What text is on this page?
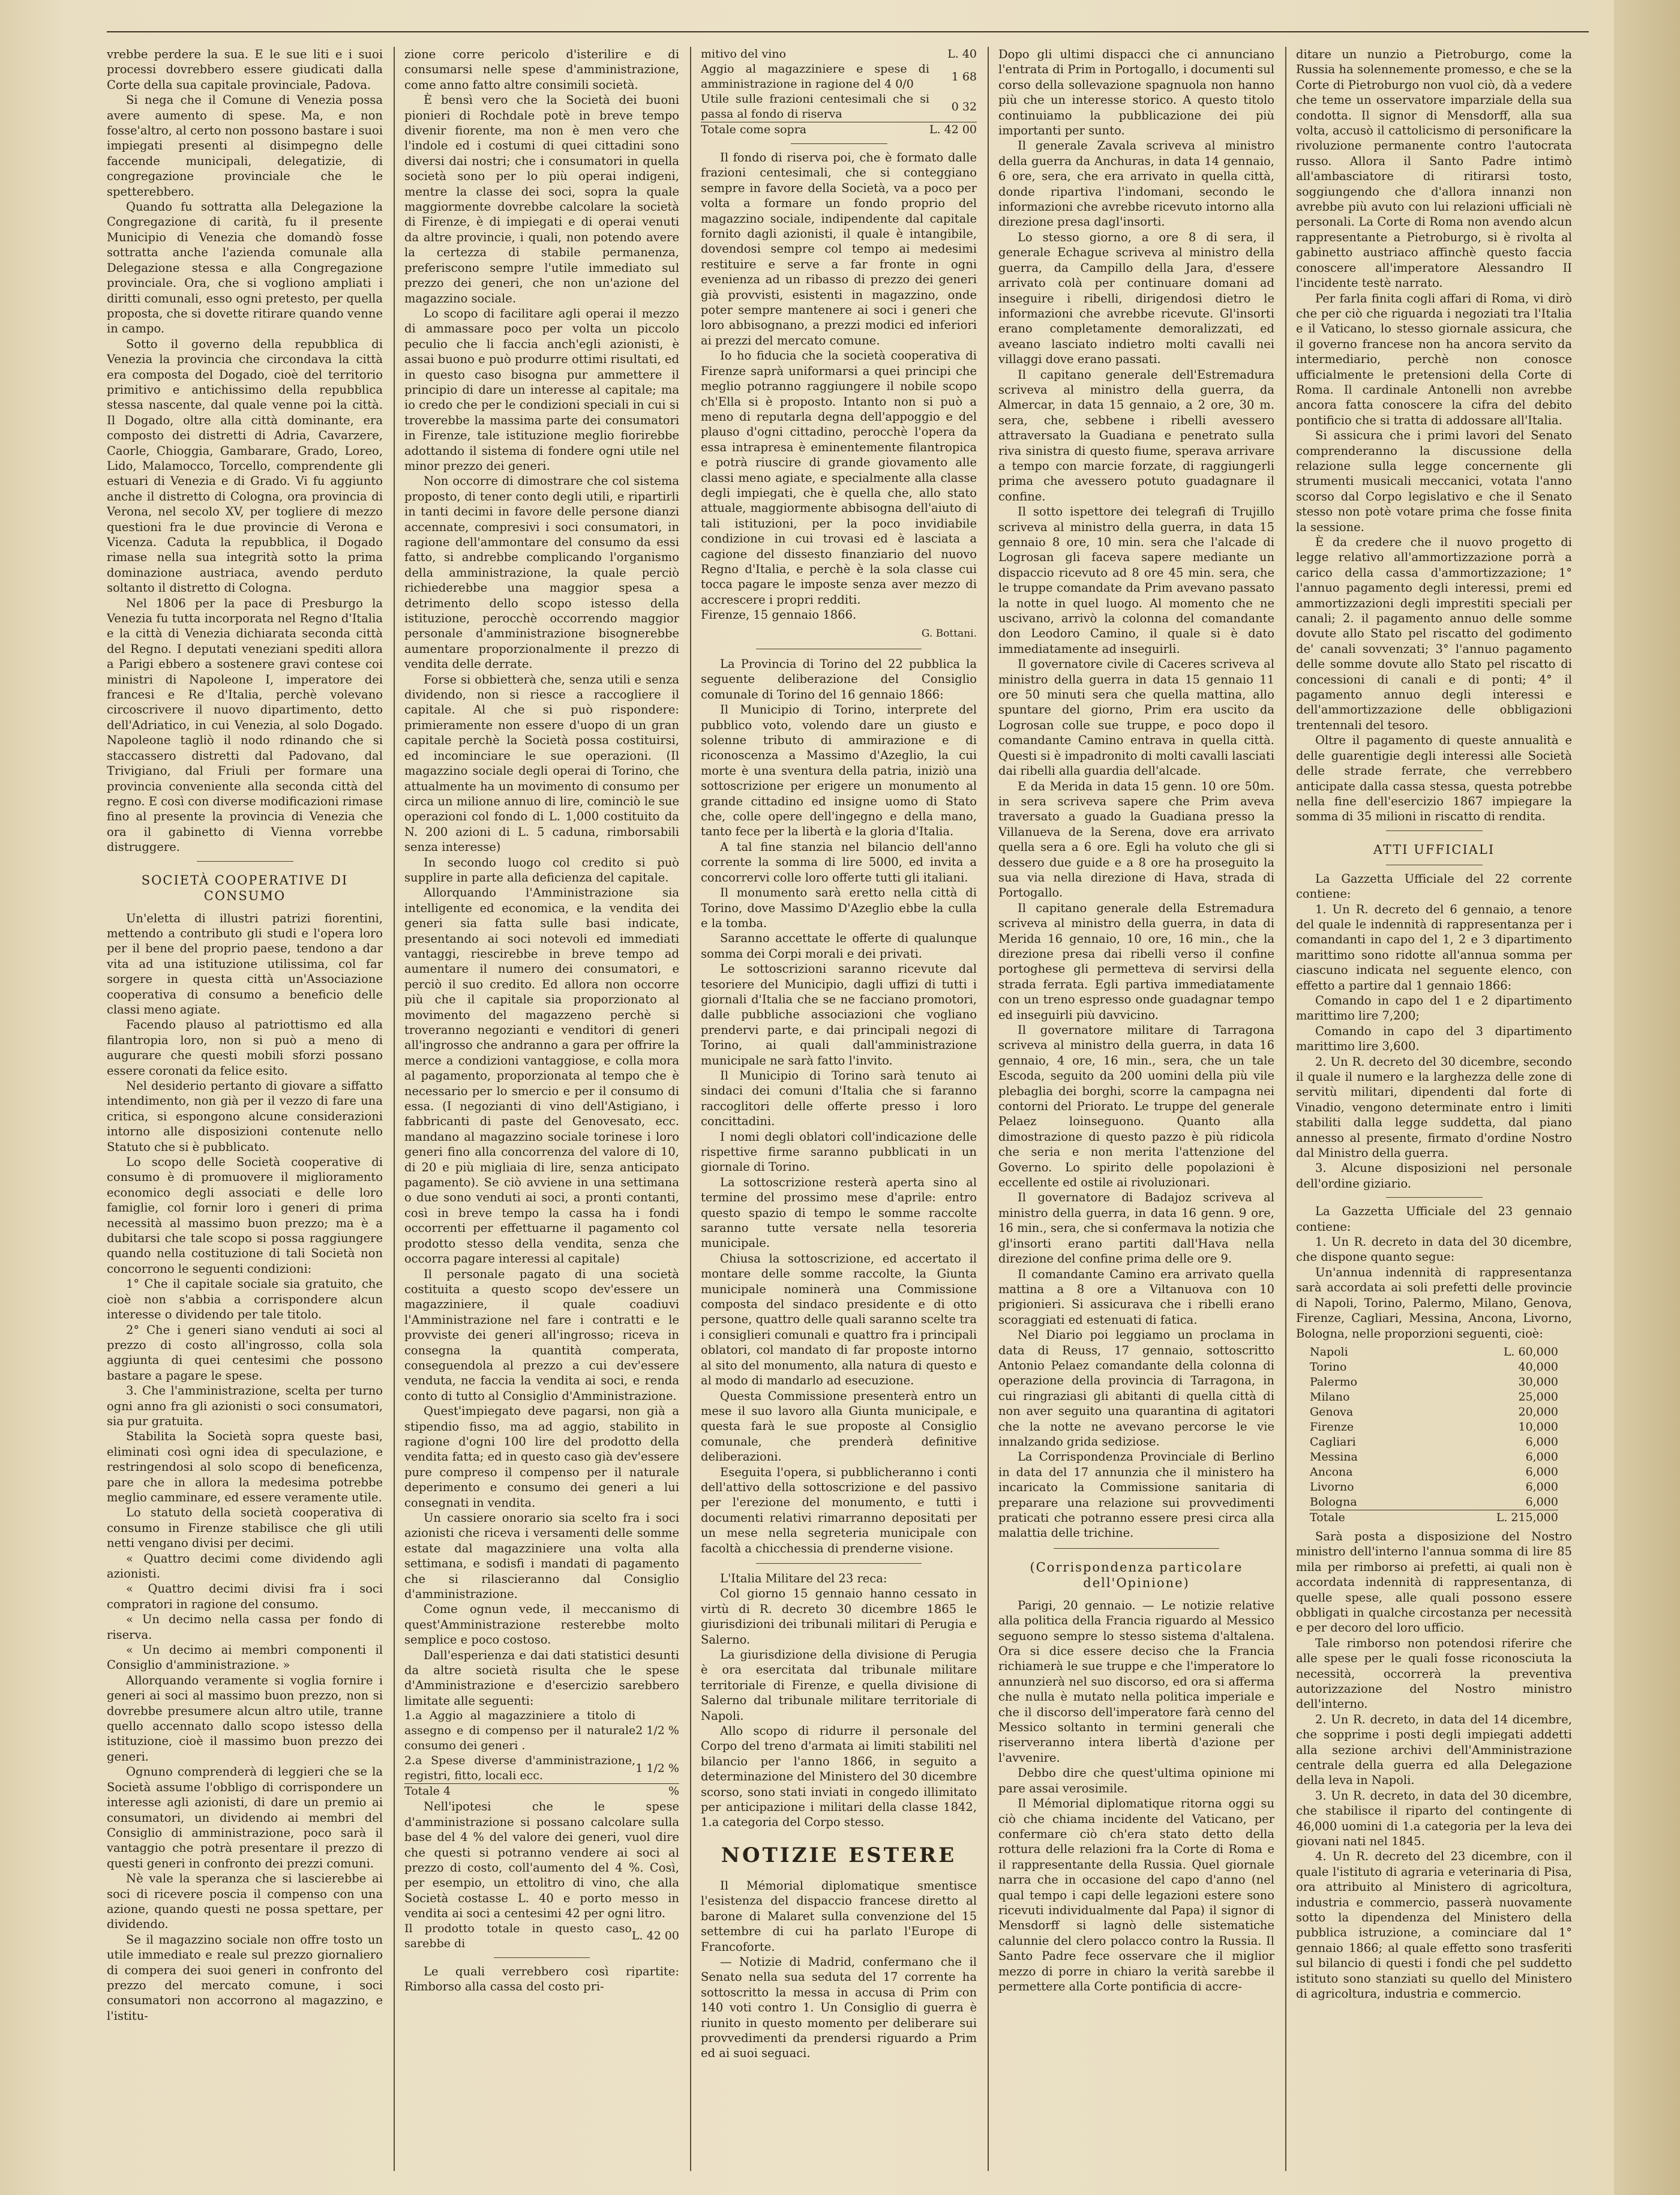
vrebbe perdere la sua. E le sue liti e i suoi processi dovrebbero essere giudicati dalla Corte della sua capitale provinciale, Padova.

Si nega che il Comune di Venezia possa avere aumento di spese. Ma, e non fosse'altro, al certo non possono bastare i suoi impiegati presenti al disimpegno delle faccende municipali, delegatizie, di congregazione provinciale che le spetterebbero.

Quando fu sottratta alla Delegazione la Congregazione di carità, fu il presente Municipio di Venezia che domandò fosse sottratta anche l'azienda comunale alla Delegazione stessa e alla Congregazione provinciale. Ora, che si vogliono ampliati i diritti comunali, esso ogni pretesto, per quella proposta, che si dovette ritirare quando venne in campo.

Sotto il governo della repubblica di Venezia la provincia che circondava la città era composta del Dogado, cioè del territorio primitivo e antichissimo della repubblica stessa nascente, dal quale venne poi la città. Il Dogado, oltre alla città dominante, era composto dei distretti di Adria, Cavarzere, Caorle, Chioggia, Gambarare, Grado, Loreo, Lido, Malamocco, Torcello, comprendente gli estuari di Venezia e di Grado. Vi fu aggiunto anche il distretto di Cologna, ora provincia di Verona, nel secolo XV, per togliere di mezzo questioni fra le due provincie di Verona e Vicenza. Caduta la repubblica, il Dogado rimase nella sua integrità sotto la prima dominazione austriaca, avendo perduto soltanto il distretto di Cologna.

Nel 1806 per la pace di Presburgo la Venezia fu tutta incorporata nel Regno d'Italia e la città di Venezia dichiarata seconda città del Regno. I deputati veneziani spediti allora a Parigi ebbero a sostenere gravi contese coi ministri di Napoleone I, imperatore dei francesi e Re d'Italia, perchè volevano circoscrivere il nuovo dipartimento, detto dell'Adriatico, in cui Venezia, al solo Dogado. Napoleone tagliò il nodo rdinando che si staccassero distretti dal Padovano, dal Trivigiano, dal Friuli per formare una provincia conveniente alla seconda città del regno. E così con diverse modificazioni rimase fino al presente la provincia di Venezia che ora il gabinetto di Vienna vorrebbe distruggere.

SOCIETÀ COOPERATIVE DI CONSUMO

Un'eletta di illustri patrizi fiorentini, mettendo a contributo gli studi e l'opera loro per il bene del proprio paese, tendono a dar vita ad una istituzione utilissima, col far sorgere in questa città un'Associazione cooperativa di consumo a beneficio delle classi meno agiate.

Facendo plauso al patriottismo ed alla filantropia loro, non si può a meno di augurare che questi mobili sforzi possano essere coronati da felice esito.

Nel desiderio pertanto di giovare a siffatto intendimento, non già per il vezzo di fare una critica, si espongono alcune considerazioni intorno alle disposizioni contenute nello Statuto che si è pubblicato.

Lo scopo delle Società cooperative di consumo è di promuovere il miglioramento economico degli associati e delle loro famiglie, col fornir loro i generi di prima necessità al massimo buon prezzo; ma è a dubitarsi che tale scopo si possa raggiungere quando nella costituzione di tali Società non concorrono le seguenti condizioni:

1° Che il capitale sociale sia gratuito, che cioè non s'abbia a corrispondere alcun interesse o dividendo per tale titolo.

2° Che i generi siano venduti ai soci al prezzo di costo all'ingrosso, colla sola aggiunta di quei centesimi che possono bastare a pagare le spese.

3. Che l'amministrazione, scelta per turno ogni anno fra gli azionisti o soci consumatori, sia pur gratuita.

Stabilita la Società sopra queste basi, eliminati così ogni idea di speculazione, e restringendosi al solo scopo di beneficenza, pare che in allora la medesima potrebbe meglio camminare, ed essere veramente utile.

Lo statuto della società cooperativa di consumo in Firenze stabilisce che gli utili netti vengano divisi per decimi.

« Quattro decimi come dividendo agli azionisti.

« Quattro decimi divisi fra i soci compratori in ragione del consumo.

« Un decimo nella cassa per fondo di riserva.

« Un decimo ai membri componenti il Consiglio d'amministrazione. »

Allorquando veramente si voglia fornire i generi ai soci al massimo buon prezzo, non si dovrebbe presumere alcun altro utile, tranne quello accennato dallo scopo istesso della istituzione, cioè il massimo buon prezzo dei generi.

Ognuno comprenderà di leggieri che se la Società assume l'obbligo di corrispondere un interesse agli azionisti, di dare un premio ai consumatori, un dividendo ai membri del Consiglio di amministrazione, poco sarà il vantaggio che potrà presentare il prezzo di questi generi in confronto dei prezzi comuni.

Nè vale la speranza che si lascierebbe ai soci di ricevere poscia il compenso con una azione, quando questi ne possa spettare, per dividendo.

Se il magazzino sociale non offre tosto un utile immediato e reale sul prezzo giornaliero di compera dei suoi generi in confronto del prezzo del mercato comune, i soci consumatori non accorrono al magazzino, e l'istitu-

zione corre pericolo d'isterilire e di consumarsi nelle spese d'amministrazione, come anno fatto altre consimili società.

È bensì vero che la Società dei buoni pionieri di Rochdale potè in breve tempo divenir fiorente, ma non è men vero che l'indole ed i costumi di quei cittadini sono diversi dai nostri; che i consumatori in quella società sono per lo più operai indigeni, mentre la classe dei soci, sopra la quale maggiormente dovrebbe calcolare la società di Firenze, è di impiegati e di operai venuti da altre provincie, i quali, non potendo avere la certezza di stabile permanenza, preferiscono sempre l'utile immediato sul prezzo dei generi, che non un'azione del magazzino sociale.

Lo scopo di facilitare agli operai il mezzo di ammassare poco per volta un piccolo peculio che li faccia anch'egli azionisti, è assai buono e può produrre ottimi risultati, ed in questo caso bisogna pur ammettere il principio di dare un interesse al capitale; ma io credo che per le condizioni speciali in cui si troverebbe la massima parte dei consumatori in Firenze, tale istituzione meglio fiorirebbe adottando il sistema di fondere ogni utile nel minor prezzo dei generi.

Non occorre di dimostrare che col sistema proposto, di tener conto degli utili, e ripartirli in tanti decimi in favore delle persone dianzi accennate, compresivi i soci consumatori, in ragione dell'ammontare del consumo da essi fatto, si andrebbe complicando l'organismo della amministrazione, la quale perciò richiederebbe una maggior spesa a detrimento dello scopo istesso della istituzione, perocchè occorrendo maggior personale d'amministrazione bisognerebbe aumentare proporzionalmente il prezzo di vendita delle derrate.

Forse si obbietterà che, senza utili e senza dividendo, non si riesce a raccogliere il capitale. Al che si può rispondere: primieramente non essere d'uopo di un gran capitale perchè la Società possa costituirsi, ed incominciare le sue operazioni. (Il magazzino sociale degli operai di Torino, che attualmente ha un movimento di consumo per circa un milione annuo di lire, cominciò le sue operazioni col fondo di L. 1,000 costituito da N. 200 azioni di L. 5 caduna, rimborsabili senza interesse)

In secondo luogo col credito si può supplire in parte alla deficienza del capitale.

Allorquando l'Amministrazione sia intelligente ed economica, e la vendita dei generi sia fatta sulle basi indicate, presentando ai soci notevoli ed immediati vantaggi, riescirebbe in breve tempo ad aumentare il numero dei consumatori, e perciò il suo credito. Ed allora non occorre più che il capitale sia proporzionato al movimento del magazzeno perchè si troveranno negozianti e venditori di generi all'ingrosso che andranno a gara per offrire la merce a condizioni vantaggiose, e colla mora al pagamento, proporzionata al tempo che è necessario per lo smercio e per il consumo di essa. (I negozianti di vino dell'Astigiano, i fabbricanti di paste del Genovesato, ecc. mandano al magazzino sociale torinese i loro generi fino alla concorrenza del valore di 10, di 20 e più migliaia di lire, senza anticipato pagamento). Se ciò avviene in una settimana o due sono venduti ai soci, a pronti contanti, così in breve tempo la cassa ha i fondi occorrenti per effettuarne il pagamento col prodotto stesso della vendita, senza che occorra pagare interessi al capitale)

Il personale pagato di una società costituita a questo scopo dev'essere un magazziniere, il quale coadiuvi l'Amministrazione nel fare i contratti e le provviste dei generi all'ingrosso; riceva in consegna la quantità comperata, conseguendola al prezzo a cui dev'essere venduta, ne faccia la vendita ai soci, e renda conto di tutto al Consiglio d'Amministrazione.

Quest'impiegato deve pagarsi, non già a stipendio fisso, ma ad aggio, stabilito in ragione d'ogni 100 lire del prodotto della vendita fatta; ed in questo caso già dev'essere pure compreso il compenso per il naturale deperimento e consumo dei generi a lui consegnati in vendita.

Un cassiere onorario sia scelto fra i soci azionisti che riceva i versamenti delle somme estate dal magazziniere una volta alla settimana, e sodisfi i mandati di pagamento che si rilascieranno dal Consiglio d'amministrazione.

Come ognun vede, il meccanismo di quest'Amministrazione resterebbe molto semplice e poco costoso.

Dall'esperienza e dai dati statistici desunti da altre società risulta che le spese d'Amministrazione e d'esercizio sarebbero limitate alle seguenti:

1.a Aggio al magazziniere a titolo di assegno e di compenso per il naturale consumo dei generi .	2 1/2 %
2.a Spese diverse d'amministrazione, registri, fitto, locali ecc.	1 1/2 %
Totale 4	%

Nell'ipotesi che le spese d'amministrazione si possano calcolare sulla base del 4 % del valore dei generi, vuol dire che questi si potranno vendere ai soci al prezzo di costo, coll'aumento del 4 %. Così, per esempio, un ettolitro di vino, che alla Società costasse L. 40 e porto messo in vendita ai soci a centesimi 42 per ogni litro.

Il prodotto totale in questo caso sarebbe di	L. 42 00

Le quali verrebbero così ripartite: Rimborso alla cassa del costo pri-

mitivo del vino	L. 40
Aggio al magazziniere e spese di amministrazione in ragione del 4 0/0	1 68
Utile sulle frazioni centesimali che si passa al fondo di riserva	0 32
Totale come sopra	L. 42 00

Il fondo di riserva poi, che è formato dalle frazioni centesimali, che si conteggiano sempre in favore della Società, va a poco per volta a formare un fondo proprio del magazzino sociale, indipendente dal capitale fornito dagli azionisti, il quale è intangibile, dovendosi sempre col tempo ai medesimi restituire e serve a far fronte in ogni evenienza ad un ribasso di prezzo dei generi già provvisti, esistenti in magazzino, onde poter sempre mantenere ai soci i generi che loro abbisognano, a prezzi modici ed inferiori ai prezzi del mercato comune.

Io ho fiducia che la società cooperativa di Firenze saprà uniformarsi a quei principi che meglio potranno raggiungere il nobile scopo ch'Ella si è proposto. Intanto non si può a meno di reputarla degna dell'appoggio e del plauso d'ogni cittadino, perocchè l'opera da essa intrapresa è eminentemente filantropica e potrà riuscire di grande giovamento alle classi meno agiate, e specialmente alla classe degli impiegati, che è quella che, allo stato attuale, maggiormente abbisogna dell'aiuto di tali istituzioni, per la poco invidiabile condizione in cui trovasi ed è lasciata a cagione del dissesto finanziario del nuovo Regno d'Italia, e perchè è la sola classe cui tocca pagare le imposte senza aver mezzo di accrescere i propri redditi.

Firenze, 15 gennaio 1866.

G. Bottani.

La Provincia di Torino del 22 pubblica la seguente deliberazione del Consiglio comunale di Torino del 16 gennaio 1866:

Il Municipio di Torino, interprete del pubblico voto, volendo dare un giusto e solenne tributo di ammirazione e di riconoscenza a Massimo d'Azeglio, la cui morte è una sventura della patria, iniziò una sottoscrizione per erigere un monumento al grande cittadino ed insigne uomo di Stato che, colle opere dell'ingegno e della mano, tanto fece per la libertà e la gloria d'Italia.

A tal fine stanzia nel bilancio dell'anno corrente la somma di lire 5000, ed invita a concorrervi colle loro offerte tutti gli italiani.

Il monumento sarà eretto nella città di Torino, dove Massimo D'Azeglio ebbe la culla e la tomba.

Saranno accettate le offerte di qualunque somma dei Corpi morali e dei privati.

Le sottoscrizioni saranno ricevute dal tesoriere del Municipio, dagli uffizi di tutti i giornali d'Italia che se ne facciano promotori, dalle pubbliche associazioni che vogliano prendervi parte, e dai principali negozi di Torino, ai quali dall'amministrazione municipale ne sarà fatto l'invito.

Il Municipio di Torino sarà tenuto ai sindaci dei comuni d'Italia che si faranno raccoglitori delle offerte presso i loro concittadini.

I nomi degli oblatori coll'indicazione delle rispettive firme saranno pubblicati in un giornale di Torino.

La sottoscrizione resterà aperta sino al termine del prossimo mese d'aprile: entro questo spazio di tempo le somme raccolte saranno tutte versate nella tesoreria municipale.

Chiusa la sottoscrizione, ed accertato il montare delle somme raccolte, la Giunta municipale nominerà una Commissione composta del sindaco presidente e di otto persone, quattro delle quali saranno scelte tra i consiglieri comunali e quattro fra i principali oblatori, col mandato di far proposte intorno al sito del monumento, alla natura di questo e al modo di mandarlo ad esecuzione.

Questa Commissione presenterà entro un mese il suo lavoro alla Giunta municipale, e questa farà le sue proposte al Consiglio comunale, che prenderà definitive deliberazioni.

Eseguita l'opera, si pubblicheranno i conti dell'attivo della sottoscrizione e del passivo per l'erezione del monumento, e tutti i documenti relativi rimarranno depositati per un mese nella segreteria municipale con facoltà a chicchessia di prenderne visione.

L'Italia Militare del 23 reca:

Col giorno 15 gennaio hanno cessato in virtù di R. decreto 30 dicembre 1865 le giurisdizioni dei tribunali militari di Perugia e Salerno.

La giurisdizione della divisione di Perugia è ora esercitata dal tribunale militare territoriale di Firenze, e quella divisione di Salerno dal tribunale militare territoriale di Napoli.

Allo scopo di ridurre il personale del Corpo del treno d'armata ai limiti stabiliti nel bilancio per l'anno 1866, in seguito a determinazione del Ministero del 30 dicembre scorso, sono stati inviati in congedo illimitato per anticipazione i militari della classe 1842, 1.a categoria del Corpo stesso.

NOTIZIE ESTERE

Il Mémorial diplomatique smentisce l'esistenza del dispaccio francese diretto al barone di Malaret sulla convenzione del 15 settembre di cui ha parlato l'Europe di Francoforte.

— Notizie di Madrid, confermano che il Senato nella sua seduta del 17 corrente ha sottoscritto la messa in accusa di Prim con 140 voti contro 1. Un Consiglio di guerra è riunito in questo momento per deliberare sui provvedimenti da prendersi riguardo a Prim ed ai suoi seguaci.

Dopo gli ultimi dispacci che ci annunciano l'entrata di Prim in Portogallo, i documenti sul corso della sollevazione spagnuola non hanno più che un interesse storico. A questo titolo continuiamo la pubblicazione dei più importanti per sunto.

Il generale Zavala scriveva al ministro della guerra da Anchuras, in data 14 gennaio, 6 ore, sera, che era arrivato in quella città, donde ripartiva l'indomani, secondo le informazioni che avrebbe ricevuto intorno alla direzione presa dagl'insorti.

Lo stesso giorno, a ore 8 di sera, il generale Echague scriveva al ministro della guerra, da Campillo della Jara, d'essere arrivato colà per continuare domani ad inseguire i ribelli, dirigendosi dietro le informazioni che avrebbe ricevute. Gl'insorti erano completamente demoralizzati, ed aveano lasciato indietro molti cavalli nei villaggi dove erano passati.

Il capitano generale dell'Estremadura scriveva al ministro della guerra, da Almercar, in data 15 gennaio, a 2 ore, 30 m. sera, che, sebbene i ribelli avessero attraversato la Guadiana e penetrato sulla riva sinistra di questo fiume, sperava arrivare a tempo con marcie forzate, di raggiungerli prima che avessero potuto guadagnare il confine.

Il sotto ispettore dei telegrafi di Trujillo scriveva al ministro della guerra, in data 15 gennaio 8 ore, 10 min. sera che l'alcade di Logrosan gli faceva sapere mediante un dispaccio ricevuto ad 8 ore 45 min. sera, che le truppe comandate da Prim avevano passato la notte in quel luogo. Al momento che ne uscivano, arrivò la colonna del comandante don Leodoro Camino, il quale si è dato immediatamente ad inseguirli.

Il governatore civile di Caceres scriveva al ministro della guerra in data 15 gennaio 11 ore 50 minuti sera che quella mattina, allo spuntare del giorno, Prim era uscito da Logrosan colle sue truppe, e poco dopo il comandante Camino entrava in quella città. Questi si è impadronito di molti cavalli lasciati dai ribelli alla guardia dell'alcade.

E da Merida in data 15 genn. 10 ore 50m. in sera scriveva sapere che Prim aveva traversato a guado la Guadiana presso la Villanueva de la Serena, dove era arrivato quella sera a 6 ore. Egli ha voluto che gli si dessero due guide e a 8 ore ha proseguito la sua via nella direzione di Hava, strada di Portogallo.

Il capitano generale della Estremadura scriveva al ministro della guerra, in data di Merida 16 gennaio, 10 ore, 16 min., che la direzione presa dai ribelli verso il confine portoghese gli permetteva di servirsi della strada ferrata. Egli partiva immediatamente con un treno espresso onde guadagnar tempo ed inseguirli più davvicino.

Il governatore militare di Tarragona scriveva al ministro della guerra, in data 16 gennaio, 4 ore, 16 min., sera, che un tale Escoda, seguito da 200 uomini della più vile plebaglia dei borghi, scorre la campagna nei contorni del Priorato. Le truppe del generale Pelaez loinseguono. Quanto alla dimostrazione di questo pazzo è più ridicola che seria e non merita l'attenzione del Governo. Lo spirito delle popolazioni è eccellente ed ostile ai rivoluzionari.

Il governatore di Badajoz scriveva al ministro della guerra, in data 16 genn. 9 ore, 16 min., sera, che si confermava la notizia che gl'insorti erano partiti dall'Hava nella direzione del confine prima delle ore 9.

Il comandante Camino era arrivato quella mattina a 8 ore a Viltanuova con 10 prigionieri. Si assicurava che i ribelli erano scoraggiati ed estenuati di fatica.

Nel Diario poi leggiamo un proclama in data di Reuss, 17 gennaio, sottoscritto Antonio Pelaez comandante della colonna di operazione della provincia di Tarragona, in cui ringraziasi gli abitanti di quella città di non aver seguito una quarantina di agitatori che la notte ne avevano percorse le vie innalzando grida sediziose.

La Corrispondenza Provinciale di Berlino in data del 17 annunzia che il ministero ha incaricato la Commissione sanitaria di preparare una relazione sui provvedimenti praticati che potranno essere presi circa alla malattia delle trichine.

(Corrispondenza particolare dell'Opinione)

Parigi, 20 gennaio. — Le notizie relative alla politica della Francia riguardo al Messico seguono sempre lo stesso sistema d'altalena. Ora si dice essere deciso che la Francia richiamerà le sue truppe e che l'imperatore lo annunzierà nel suo discorso, ed ora si afferma che nulla è mutato nella politica imperiale e che il discorso dell'imperatore farà cenno del Messico soltanto in termini generali che riserveranno intera libertà d'azione per l'avvenire.

Debbo dire che quest'ultima opinione mi pare assai verosimile.

Il Mémorial diplomatique ritorna oggi su ciò che chiama incidente del Vaticano, per confermare ciò ch'era stato detto della rottura delle relazioni fra la Corte di Roma e il rappresentante della Russia. Quel giornale narra che in occasione del capo d'anno (nel qual tempo i capi delle legazioni estere sono ricevuti individualmente dal Papa) il signor di Mensdorff si lagnò delle sistematiche calunnie del clero polacco contro la Russia. Il Santo Padre fece osservare che il miglior mezzo di porre in chiaro la verità sarebbe il permettere alla Corte pontificia di accre-

ditare un nunzio a Pietroburgo, come la Russia ha solennemente promesso, e che se la Corte di Pietroburgo non vuol ciò, dà a vedere che teme un osservatore imparziale della sua condotta. Il signor di Mensdorff, alla sua volta, accusò il cattolicismo di personificare la rivoluzione permanente contro l'autocrata russo. Allora il Santo Padre intimò all'ambasciatore di ritirarsi tosto, soggiungendo che d'allora innanzi non avrebbe più avuto con lui relazioni ufficiali nè personali. La Corte di Roma non avendo alcun rappresentante a Pietroburgo, si è rivolta al gabinetto austriaco affinchè questo faccia conoscere all'imperatore Alessandro II l'incidente testè narrato.

Per farla finita cogli affari di Roma, vi dirò che per ciò che riguarda i negoziati tra l'Italia e il Vaticano, lo stesso giornale assicura, che il governo francese non ha ancora servito da intermediario, perchè non conosce ufficialmente le pretensioni della Corte di Roma. Il cardinale Antonelli non avrebbe ancora fatta conoscere la cifra del debito pontificio che si tratta di addossare all'Italia.

Si assicura che i primi lavori del Senato comprenderanno la discussione della relazione sulla legge concernente gli strumenti musicali meccanici, votata l'anno scorso dal Corpo legislativo e che il Senato stesso non potè votare prima che fosse finita la sessione.

È da credere che il nuovo progetto di legge relativo all'ammortizzazione porrà a carico della cassa d'ammortizzazione; 1° l'annuo pagamento degli interessi, premi ed ammortizzazioni degli imprestiti speciali per canali; 2. il pagamento annuo delle somme dovute allo Stato pel riscatto del godimento de' canali sovvenzati; 3° l'annuo pagamento delle somme dovute allo Stato pel riscatto di concessioni di canali e di ponti; 4° il pagamento annuo degli interessi e dell'ammortizzazione delle obbligazioni trentennali del tesoro.

Oltre il pagamento di queste annualità e delle guarentigie degli interessi alle Società delle strade ferrate, che verrebbero anticipate dalla cassa stessa, questa potrebbe nella fine dell'esercizio 1867 impiegare la somma di 35 milioni in riscatto di rendita.

ATTI UFFICIALI

La Gazzetta Ufficiale del 22 corrente contiene:

1. Un R. decreto del 6 gennaio, a tenore del quale le indennità di rappresentanza per i comandanti in capo del 1, 2 e 3 dipartimento marittimo sono ridotte all'annua somma per ciascuno indicata nel seguente elenco, con effetto a partire dal 1 gennaio 1866:

Comando in capo del 1 e 2 dipartimento marittimo lire 7,200;

Comando in capo del 3 dipartimento marittimo lire 3,600.

2. Un R. decreto del 30 dicembre, secondo il quale il numero e la larghezza delle zone di servitù militari, dipendenti dal forte di Vinadio, vengono determinate entro i limiti stabiliti dalla legge suddetta, dal piano annesso al presente, firmato d'ordine Nostro dal Ministro della guerra.

3. Alcune disposizioni nel personale dell'ordine giziario.

La Gazzetta Ufficiale del 23 gennaio contiene:

1. Un R. decreto in data del 30 dicembre, che dispone quanto segue:

Un'annua indennità di rappresentanza sarà accordata ai soli prefetti delle provincie di Napoli, Torino, Palermo, Milano, Genova, Firenze, Cagliari, Messina, Ancona, Livorno, Bologna, nelle proporzioni seguenti, cioè:

Napoli	L. 60,000
Torino	40,000
Palermo	30,000
Milano	25,000
Genova	20,000
Firenze	10,000
Cagliari	6,000
Messina	6,000
Ancona	6,000
Livorno	6,000
Bologna	6,000
Totale	L. 215,000

Sarà posta a disposizione del Nostro ministro dell'interno l'annua somma di lire 85 mila per rimborso ai prefetti, ai quali non è accordata indennità di rappresentanza, di quelle spese, alle quali possono essere obbligati in qualche circostanza per necessità e per decoro del loro ufficio.

Tale rimborso non potendosi riferire che alle spese per le quali fosse riconosciuta la necessità, occorrerà la preventiva autorizzazione del Nostro ministro dell'interno.

2. Un R. decreto, in data del 14 dicembre, che sopprime i posti degli impiegati addetti alla sezione archivi dell'Amministrazione centrale della guerra ed alla Delegazione della leva in Napoli.

3. Un R. decreto, in data del 30 dicembre, che stabilisce il riparto del contingente di 46,000 uomini di 1.a categoria per la leva dei giovani nati nel 1845.

4. Un R. decreto del 23 dicembre, con il quale l'istituto di agraria e veterinaria di Pisa, ora attribuito al Ministero di agricoltura, industria e commercio, passerà nuovamente sotto la dipendenza del Ministero della pubblica istruzione, a cominciare dal 1° gennaio 1866; al quale effetto sono trasferiti sul bilancio di questi i fondi che pel suddetto istituto sono stanziati su quello del Ministero di agricoltura, industria e commercio.
